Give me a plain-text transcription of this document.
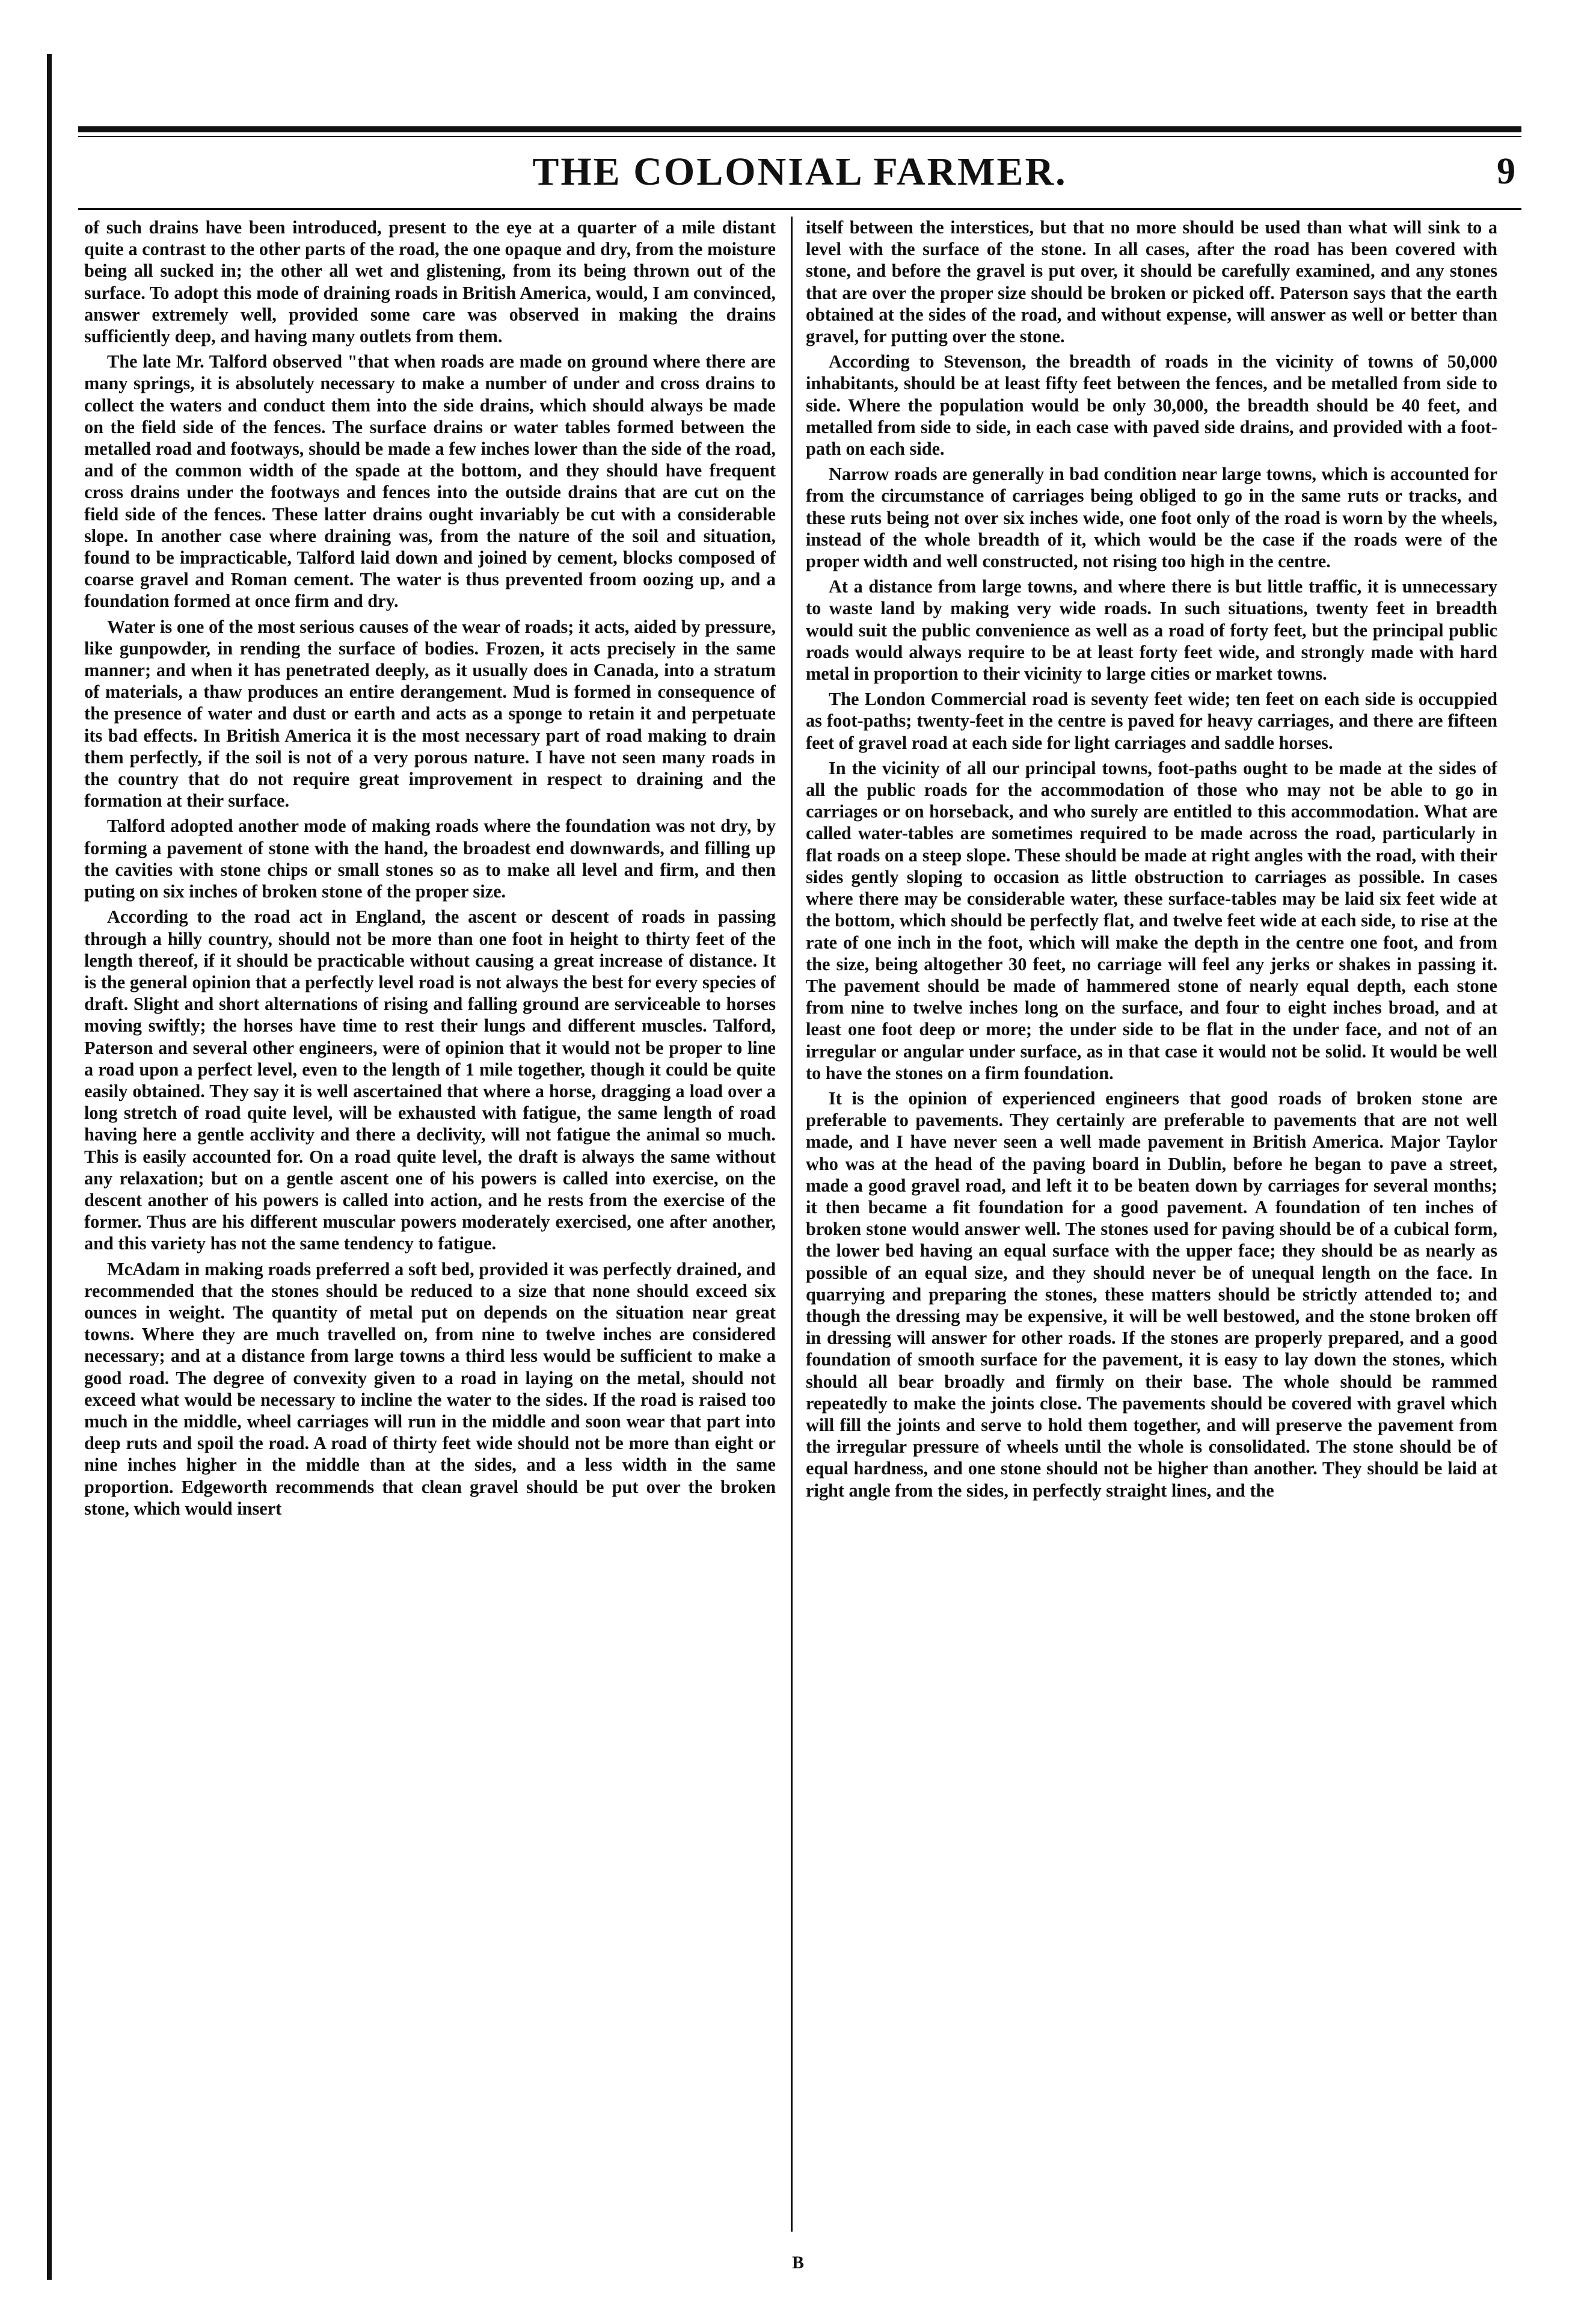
THE COLONIAL FARMER.	9

of such drains have been introduced, present to the eye at a quarter of a mile distant quite a contrast to the other parts of the road, the one opaque and dry, from the moisture being all sucked in; the other all wet and glistening, from its being thrown out of the surface. To adopt this mode of draining roads in British America, would, I am convinced, answer extremely well, provided some care was observed in making the drains sufficiently deep, and having many outlets from them.

The late Mr. Talford observed "that when roads are made on ground where there are many springs, it is absolutely necessary to make a number of under and cross drains to collect the waters and conduct them into the side drains, which should always be made on the field side of the fences. The surface drains or water tables formed between the metalled road and footways, should be made a few inches lower than the side of the road, and of the common width of the spade at the bottom, and they should have frequent cross drains under the footways and fences into the outside drains that are cut on the field side of the fences. These latter drains ought invariably be cut with a considerable slope. In another case where draining was, from the nature of the soil and situation, found to be impracticable, Talford laid down and joined by cement, blocks composed of coarse gravel and Roman cement. The water is thus prevented froom oozing up, and a foundation formed at once firm and dry.

Water is one of the most serious causes of the wear of roads; it acts, aided by pressure, like gunpowder, in rending the surface of bodies. Frozen, it acts precisely in the same manner; and when it has penetrated deeply, as it usually does in Canada, into a stratum of materials, a thaw produces an entire derangement. Mud is formed in consequence of the presence of water and dust or earth and acts as a sponge to retain it and perpetuate its bad effects. In British America it is the most necessary part of road making to drain them perfectly, if the soil is not of a very porous nature. I have not seen many roads in the country that do not require great improvement in respect to draining and the formation at their surface.

Talford adopted another mode of making roads where the foundation was not dry, by forming a pavement of stone with the hand, the broadest end downwards, and filling up the cavities with stone chips or small stones so as to make all level and firm, and then puting on six inches of broken stone of the proper size.

According to the road act in England, the ascent or descent of roads in passing through a hilly country, should not be more than one foot in height to thirty feet of the length thereof, if it should be practicable without causing a great increase of distance. It is the general opinion that a perfectly level road is not always the best for every species of draft. Slight and short alternations of rising and falling ground are serviceable to horses moving swiftly; the horses have time to rest their lungs and different muscles. Talford, Paterson and several other engineers, were of opinion that it would not be proper to line a road upon a perfect level, even to the length of 1 mile together, though it could be quite easily obtained. They say it is well ascertained that where a horse, dragging a load over a long stretch of road quite level, will be exhausted with fatigue, the same length of road having here a gentle acclivity and there a declivity, will not fatigue the animal so much. This is easily accounted for. On a road quite level, the draft is always the same without any relaxation; but on a gentle ascent one of his powers is called into exercise, on the descent another of his powers is called into action, and he rests from the exercise of the former. Thus are his different muscular powers moderately exercised, one after another, and this variety has not the same tendency to fatigue.

McAdam in making roads preferred a soft bed, provided it was perfectly drained, and recommended that the stones should be reduced to a size that none should exceed six ounces in weight. The quantity of metal put on depends on the situation near great towns. Where they are much travelled on, from nine to twelve inches are considered necessary; and at a distance from large towns a third less would be sufficient to make a good road. The degree of convexity given to a road in laying on the metal, should not exceed what would be necessary to incline the water to the sides. If the road is raised too much in the middle, wheel carriages will run in the middle and soon wear that part into deep ruts and spoil the road. A road of thirty feet wide should not be more than eight or nine inches higher in the middle than at the sides, and a less width in the same proportion. Edgeworth recommends that clean gravel should be put over the broken stone, which would insert

itself between the interstices, but that no more should be used than what will sink to a level with the surface of the stone. In all cases, after the road has been covered with stone, and before the gravel is put over, it should be carefully examined, and any stones that are over the proper size should be broken or picked off. Paterson says that the earth obtained at the sides of the road, and without expense, will answer as well or better than gravel, for putting over the stone.

According to Stevenson, the breadth of roads in the vicinity of towns of 50,000 inhabitants, should be at least fifty feet between the fences, and be metalled from side to side. Where the population would be only 30,000, the breadth should be 40 feet, and metalled from side to side, in each case with paved side drains, and provided with a foot-path on each side.

Narrow roads are generally in bad condition near large towns, which is accounted for from the circumstance of carriages being obliged to go in the same ruts or tracks, and these ruts being not over six inches wide, one foot only of the road is worn by the wheels, instead of the whole breadth of it, which would be the case if the roads were of the proper width and well constructed, not rising too high in the centre.

At a distance from large towns, and where there is but little traffic, it is unnecessary to waste land by making very wide roads. In such situations, twenty feet in breadth would suit the public convenience as well as a road of forty feet, but the principal public roads would always require to be at least forty feet wide, and strongly made with hard metal in proportion to their vicinity to large cities or market towns.

The London Commercial road is seventy feet wide; ten feet on each side is occuppied as foot-paths; twenty-feet in the centre is paved for heavy carriages, and there are fifteen feet of gravel road at each side for light carriages and saddle horses.

In the vicinity of all our principal towns, foot-paths ought to be made at the sides of all the public roads for the accommodation of those who may not be able to go in carriages or on horseback, and who surely are entitled to this accommodation. What are called water-tables are sometimes required to be made across the road, particularly in flat roads on a steep slope. These should be made at right angles with the road, with their sides gently sloping to occasion as little obstruction to carriages as possible. In cases where there may be considerable water, these surface-tables may be laid six feet wide at the bottom, which should be perfectly flat, and twelve feet wide at each side, to rise at the rate of one inch in the foot, which will make the depth in the centre one foot, and from the size, being altogether 30 feet, no carriage will feel any jerks or shakes in passing it. The pavement should be made of hammered stone of nearly equal depth, each stone from nine to twelve inches long on the surface, and four to eight inches broad, and at least one foot deep or more; the under side to be flat in the under face, and not of an irregular or angular under surface, as in that case it would not be solid. It would be well to have the stones on a firm foundation.

It is the opinion of experienced engineers that good roads of broken stone are preferable to pavements. They certainly are preferable to pavements that are not well made, and I have never seen a well made pavement in British America. Major Taylor who was at the head of the paving board in Dublin, before he began to pave a street, made a good gravel road, and left it to be beaten down by carriages for several months; it then became a fit foundation for a good pavement. A foundation of ten inches of broken stone would answer well. The stones used for paving should be of a cubical form, the lower bed having an equal surface with the upper face; they should be as nearly as possible of an equal size, and they should never be of unequal length on the face. In quarrying and preparing the stones, these matters should be strictly attended to; and though the dressing may be expensive, it will be well bestowed, and the stone broken off in dressing will answer for other roads. If the stones are properly prepared, and a good foundation of smooth surface for the pavement, it is easy to lay down the stones, which should all bear broadly and firmly on their base. The whole should be rammed repeatedly to make the joints close. The pavements should be covered with gravel which will fill the joints and serve to hold them together, and will preserve the pavement from the irregular pressure of wheels until the whole is consolidated. The stone should be of equal hardness, and one stone should not be higher than another. They should be laid at right angle from the sides, in perfectly straight lines, and the

B
